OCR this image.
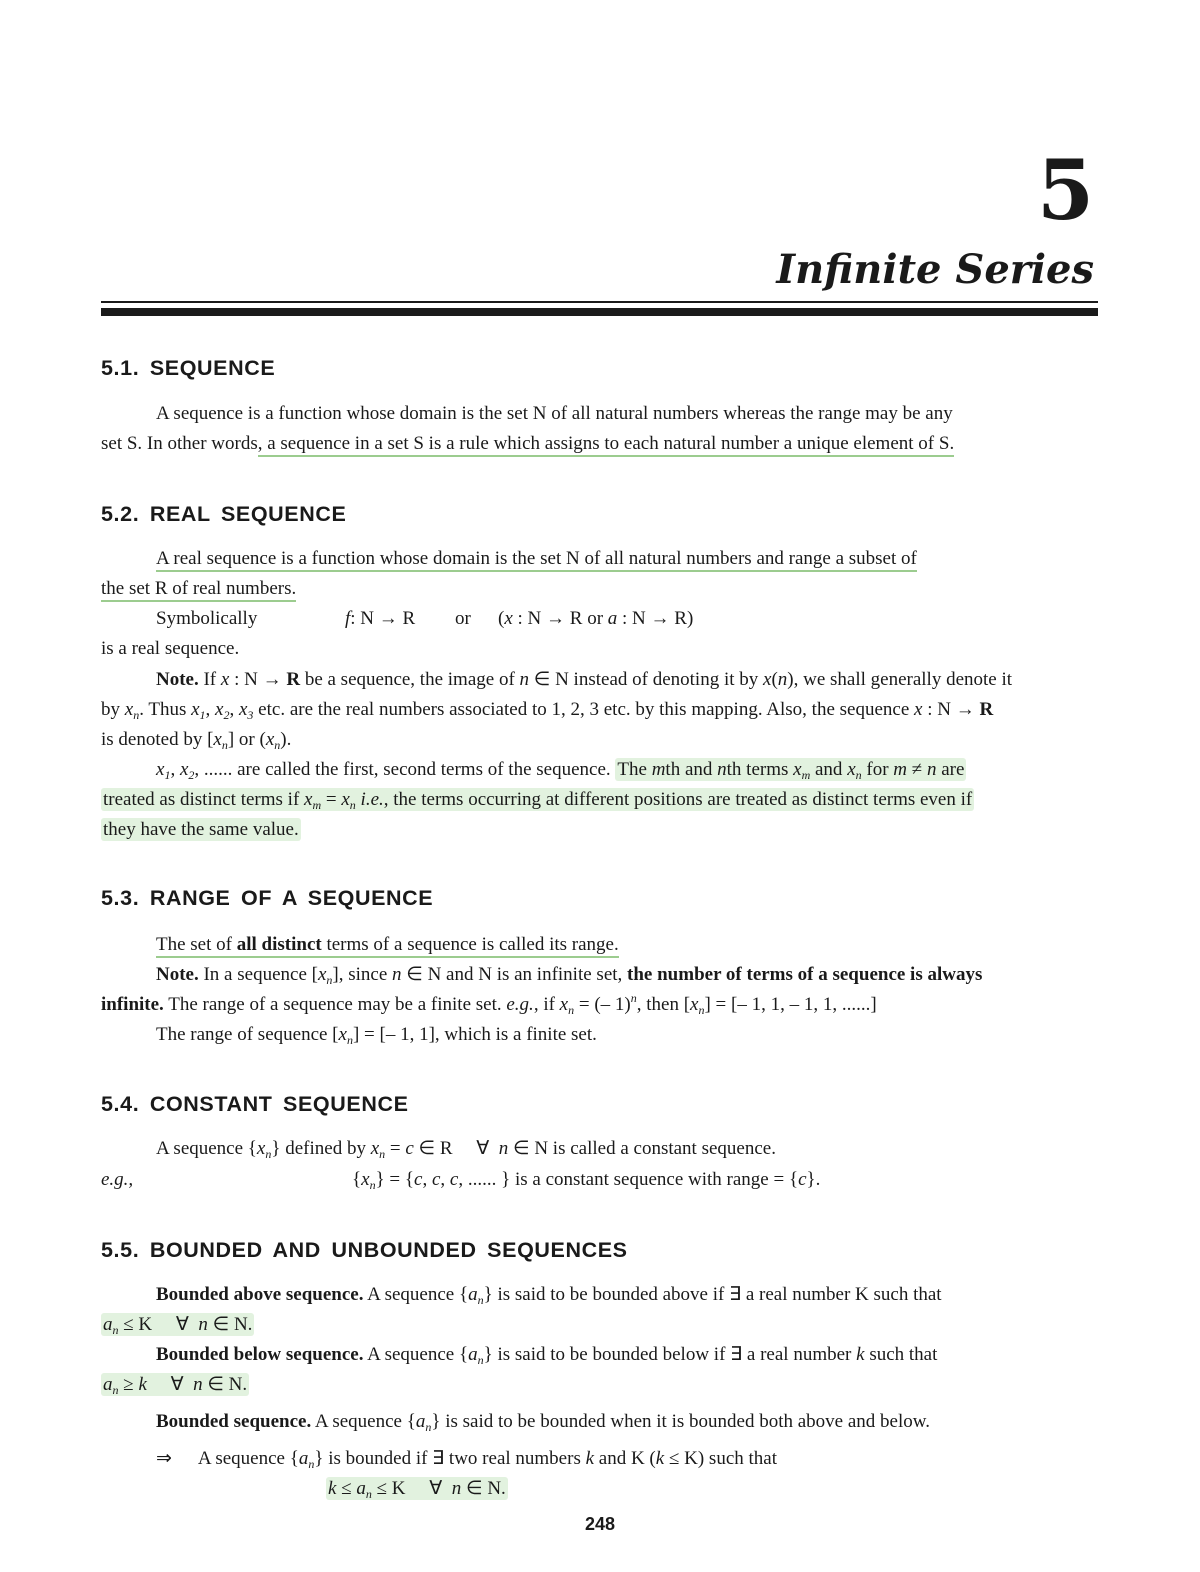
5
Infinite Series
5.1. SEQUENCE
A sequence is a function whose domain is the set N of all natural numbers whereas the range may be any
set S. In other words, a sequence in a set S is a rule which assigns to each natural number a unique element of S.
5.2. REAL SEQUENCE
A real sequence is a function whose domain is the set N of all natural numbers and range a subset of
the set R of real numbers.
Symbolically	f: N → R or (x : N → R or a : N → R)
is a real sequence.
Note. If x : N → R be a sequence, the image of n ∈ N instead of denoting it by x(n), we shall generally denote it
by $x_n$. Thus $x_1$, $x_2$, $x_3$ etc. are the real numbers associated to 1, 2, 3 etc. by this mapping. Also, the sequence x : N → R
is denoted by $[x_n]$ or $(x_n)$.
$x_1$, $x_2$, ...... are called the first, second terms of the sequence. The mth and nth terms $x_m$ and $x_n$ for m ≠ n are
treated as distinct terms if $x_m = x_n$ i.e., the terms occurring at different positions are treated as distinct terms even if
they have the same value.
5.3. RANGE OF A SEQUENCE
The set of all distinct terms of a sequence is called its range.
Note. In a sequence $[x_n]$, since n ∈ N and N is an infinite set, the number of terms of a sequence is always
infinite. The range of a sequence may be a finite set. e.g., if $x_n$ = (– 1)$^n$, then $[x_n]$ = [– 1, 1, – 1, 1, ......]
The range of sequence $[x_n]$ = [– 1, 1], which is a finite set.
5.4. CONSTANT SEQUENCE
A sequence $\{x_n\}$ defined by $x_n = c$ ∈ R     ∀  n ∈ N is called a constant sequence.
e.g.,	$\{x_n\} = \{c$, c, c, ...... } is a constant sequence with range = {c}.
5.5. BOUNDED AND UNBOUNDED SEQUENCES
Bounded above sequence. A sequence $\{a_n\}$ is said to be bounded above if ∃ a real number K such that
$a_n \le K$     ∀  n ∈ N.
Bounded below sequence. A sequence $\{a_n\}$ is said to be bounded below if ∃ a real number k such that
$a_n \ge k$     ∀  n ∈ N.
Bounded sequence. A sequence $\{a_n\}$ is said to be bounded when it is bounded both above and below.
⇒ A sequence $\{a_n\}$ is bounded if ∃ two real numbers k and K (k ≤ K) such that
$k \le a_n \le K$     ∀  n ∈ N.
248
